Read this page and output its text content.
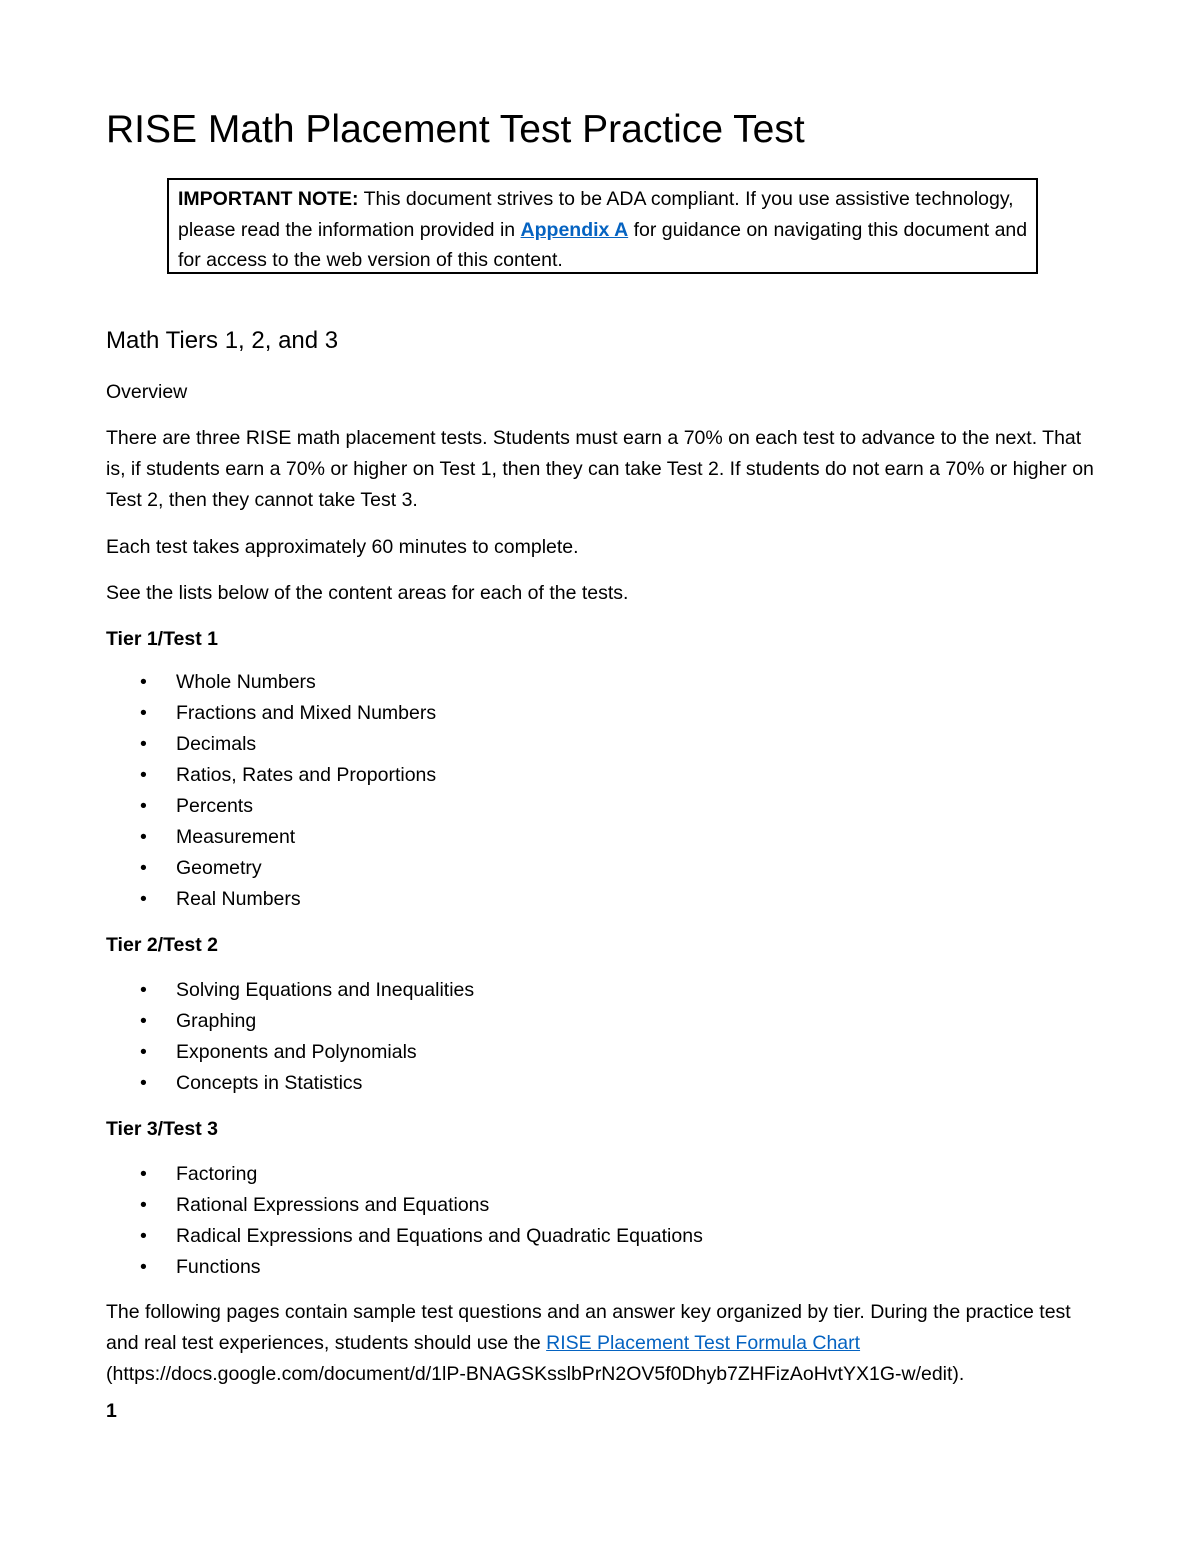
RISE Math Placement Test Practice Test
IMPORTANT NOTE: This document strives to be ADA compliant. If you use assistive technology, please read the information provided in Appendix A for guidance on navigating this document and for access to the web version of this content.
Math Tiers 1, 2, and 3

Overview

There are three RISE math placement tests. Students must earn a 70% on each test to advance to the next. That is, if students earn a 70% or higher on Test 1, then they can take Test 2. If students do not earn a 70% or higher on Test 2, then they cannot take Test 3.

Each test takes approximately 60 minutes to complete.

See the lists below of the content areas for each of the tests.

Tier 1/Test 1

• Whole Numbers
• Fractions and Mixed Numbers
• Decimals
• Ratios, Rates and Proportions
• Percents
• Measurement
• Geometry
• Real Numbers

Tier 2/Test 2

• Solving Equations and Inequalities
• Graphing
• Exponents and Polynomials
• Concepts in Statistics

Tier 3/Test 3

• Factoring
• Rational Expressions and Equations
• Radical Expressions and Equations and Quadratic Equations
• Functions

The following pages contain sample test questions and an answer key organized by tier. During the practice test and real test experiences, students should use the RISE Placement Test Formula Chart (https://docs.google.com/document/d/1lP-BNAGSKsslbPrN2OV5f0Dhyb7ZHFizAoHvtYX1G-w/edit).

1
